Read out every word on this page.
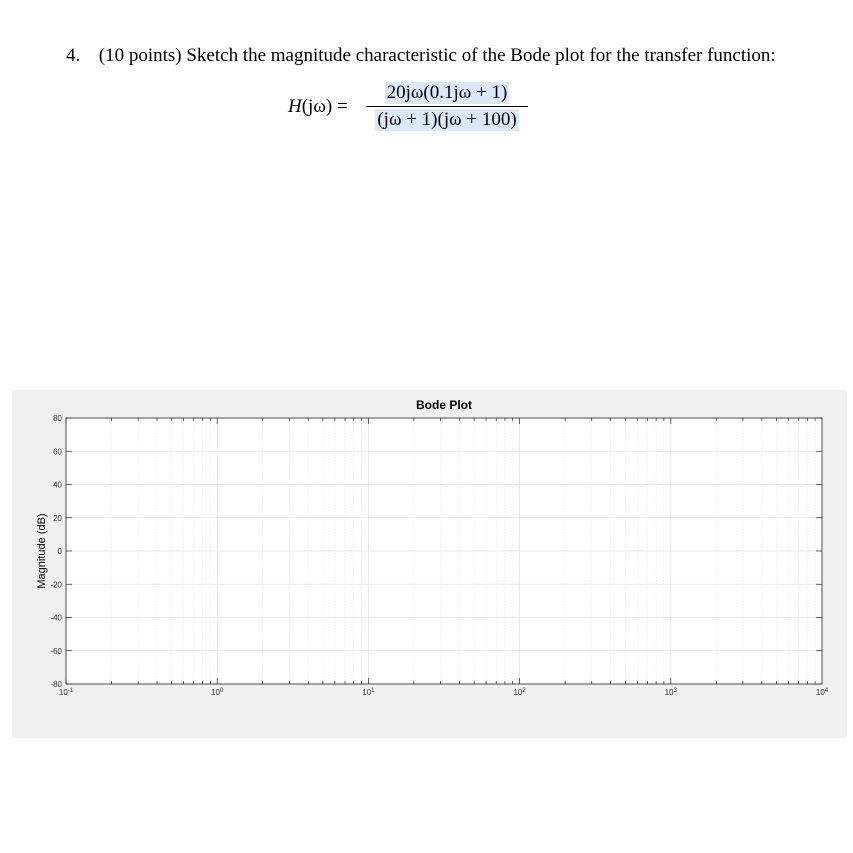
4. (10 points) Sketch the magnitude characteristic of the Bode plot for the transfer function:
H(jω) =
20jω(0.1jω + 1)
(jω + 1)(jω + 100)
80
60
40
20
0
-20
-40
-60
-80
$10^{-1}$	$10^0$	$10^1$	$10^2$	$10^3$	$10^4$
Bode Plot
Magnitude (dB)
